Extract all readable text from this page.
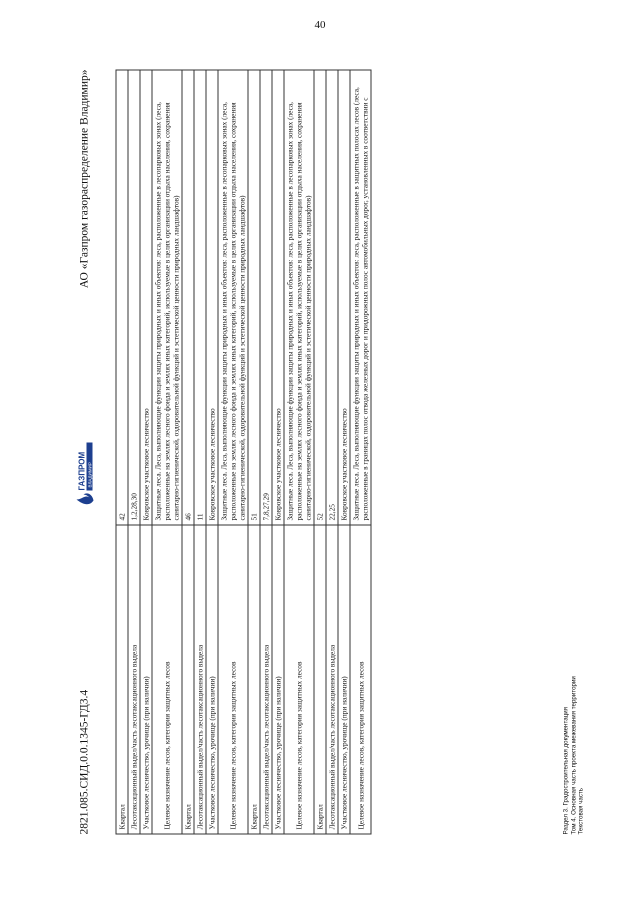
40
2821.085.СИД.0.0.1345-ГД3.4
ГАЗПРОМ ВЛАДИМИР
АО «Газпром газораспределение Владимир»
Квартал	42
Лесотаксационный выдел/часть лесотаксационного выдела	1,2,28,30
Участковое лесничество, урочище (при наличии)	Ковровское участковое лесничество
Целевое назначение лесов, категория защитных лесов	Защитные леса. Леса, выполняющие функции защиты природных и иных объектов: леса, расположенные в лесопарковых зонах (леса, расположенные на землях лесного фонда и землях иных категорий, используемые в целях организации отдыха населения, сохранения санитарно-гигиенической, оздоровительной функций и эстетической ценности природных ландшафтов)
Квартал	46
Лесотаксационный выдел/часть лесотаксационного выдела	11
Участковое лесничество, урочище (при наличии)	Ковровское участковое лесничество
Целевое назначение лесов, категория защитных лесов	Защитные леса. Леса, выполняющие функции защиты природных и иных объектов: леса, расположенные в лесопарковых зонах (леса, расположенные на землях лесного фонда и землях иных категорий, используемые в целях организации отдыха населения, сохранения санитарно-гигиенической, оздоровительной функций и эстетической ценности природных ландшафтов)
Квартал	51
Лесотаксационный выдел/часть лесотаксационного выдела	7,8,27,29
Участковое лесничество, урочище (при наличии)	Ковровское участковое лесничество
Целевое назначение лесов, категория защитных лесов	Защитные леса. Леса, выполняющие функции защиты природных и иных объектов: леса, расположенные в лесопарковых зонах (леса, расположенные на землях лесного фонда и землях иных категорий, используемые в целях организации отдыха населения, сохранения санитарно-гигиенической, оздоровительной функций и эстетической ценности природных ландшафтов)
Квартал	52
Лесотаксационный выдел/часть лесотаксационного выдела	22,25
Участковое лесничество, урочище (при наличии)	Ковровское участковое лесничество
Целевое назначение лесов, категория защитных лесов	Защитные леса. Леса, выполняющие функции защиты природных и иных объектов: леса, расположенные в защитных полосах лесов (леса, расположенные в границах полос отвода железных дорог и придорожных полос автомобильных дорог, установленных в соответствии с
Раздел 3. Градостроительная документация Том 4. Основная часть проекта межевания территории Текстовая часть
